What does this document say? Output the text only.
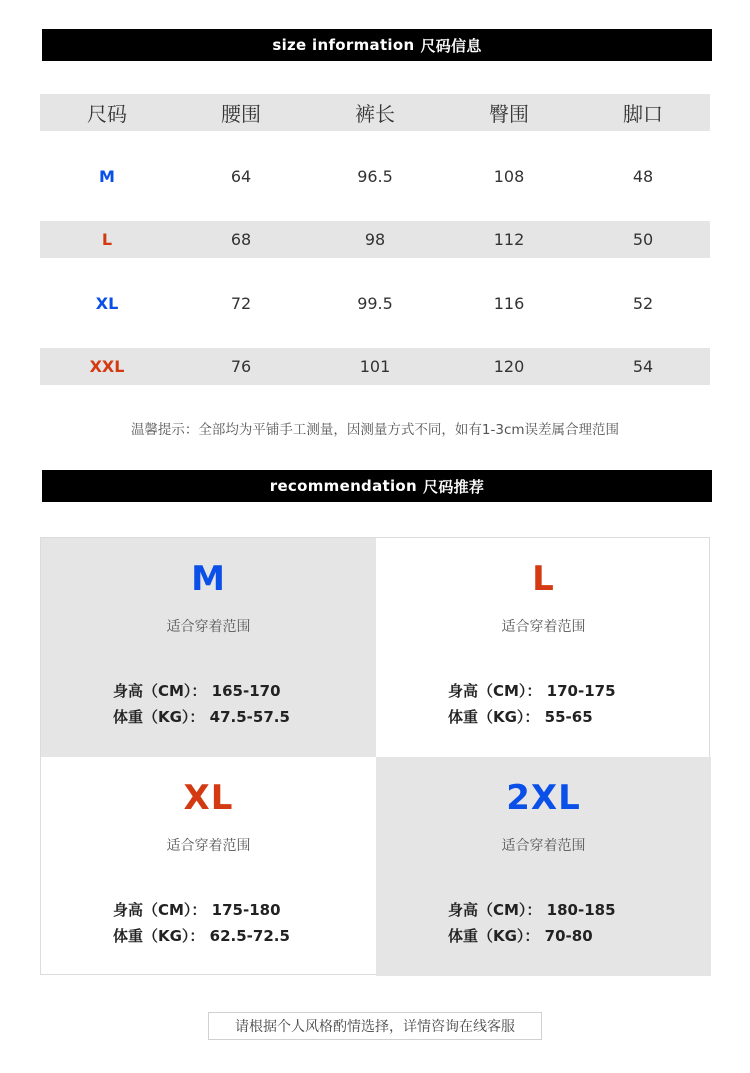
size information 尺码信息
尺码	腰围	裤长	臀围	脚口
M	64	96.5	108	48
L	68	98	112	50
XL	72	99.5	116	52
XXL	76	101	120	54
温馨提示：全部均为平铺手工测量，因测量方式不同，如有1-3cm误差属合理范围
recommendation 尺码推荐
M
适合穿着范围
身高（CM）： 165-170
体重（KG）： 47.5-57.5
L
适合穿着范围
身高（CM）： 170-175
体重（KG）： 55-65
XL
适合穿着范围
身高（CM）： 175-180
体重（KG）： 62.5-72.5
2XL
适合穿着范围
身高（CM）： 180-185
体重（KG）： 70-80
请根据个人风格酌情选择，详情咨询在线客服
